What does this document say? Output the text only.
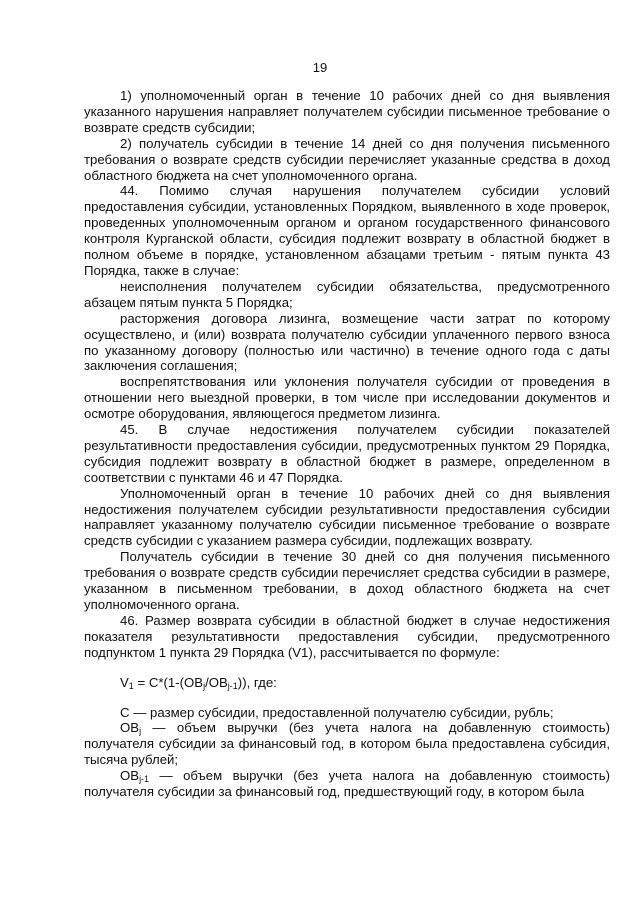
19

1) уполномоченный орган в течение 10 рабочих дней со дня выявления указанного нарушения направляет получателем субсидии письменное требование о возврате средств субсидии;

2) получатель субсидии в течение 14 дней со дня получения письменного требования о возврате средств субсидии перечисляет указанные средства в доход областного бюджета на счет уполномоченного органа.

44. Помимо случая нарушения получателем субсидии условий предоставления субсидии, установленных Порядком, выявленного в ходе проверок, проведенных уполномоченным органом и органом государственного финансового контроля Курганской области, субсидия подлежит возврату в областной бюджет в полном объеме в порядке, установленном абзацами третьим - пятым пункта 43 Порядка, также в случае:

неисполнения получателем субсидии обязательства, предусмотренного абзацем пятым пункта 5 Порядка;

расторжения договора лизинга, возмещение части затрат по которому осуществлено, и (или) возврата получателю субсидии уплаченного первого взноса по указанному договору (полностью или частично) в течение одного года с даты заключения соглашения;

воспрепятствования или уклонения получателя субсидии от проведения в отношении него выездной проверки, в том числе при исследовании документов и осмотре оборудования, являющегося предметом лизинга.

45. В случае недостижения получателем субсидии показателей результативности предоставления субсидии, предусмотренных пунктом 29 Порядка, субсидия подлежит возврату в областной бюджет в размере, определенном в соответствии с пунктами 46 и 47 Порядка.

Уполномоченный орган в течение 10 рабочих дней со дня выявления недостижения получателем субсидии результативности предоставления субсидии направляет указанному получателю субсидии письменное требование о возврате средств субсидии с указанием размера субсидии, подлежащих возврату.

Получатель субсидии в течение 30 дней со дня получения письменного требования о возврате средств субсидии перечисляет средства субсидии в размере, указанном в письменном требовании, в доход областного бюджета на счет уполномоченного органа.

46. Размер возврата субсидии в областной бюджет в случае недостижения показателя результативности предоставления субсидии, предусмотренного подпунктом 1 пункта 29 Порядка (V1), рассчитывается по формуле:

$V_1 = С*(1-(ОВ_j/ОВ_{j-1}))$, где:

С — размер субсидии, предоставленной получателю субсидии, рубль;

$ОВ_j$ — объем выручки (без учета налога на добавленную стоимость) получателя субсидии за финансовый год, в котором была предоставлена субсидия, тысяча рублей;

$ОВ_{j-1}$ — объем выручки (без учета налога на добавленную стоимость) получателя субсидии за финансовый год, предшествующий году, в котором была
